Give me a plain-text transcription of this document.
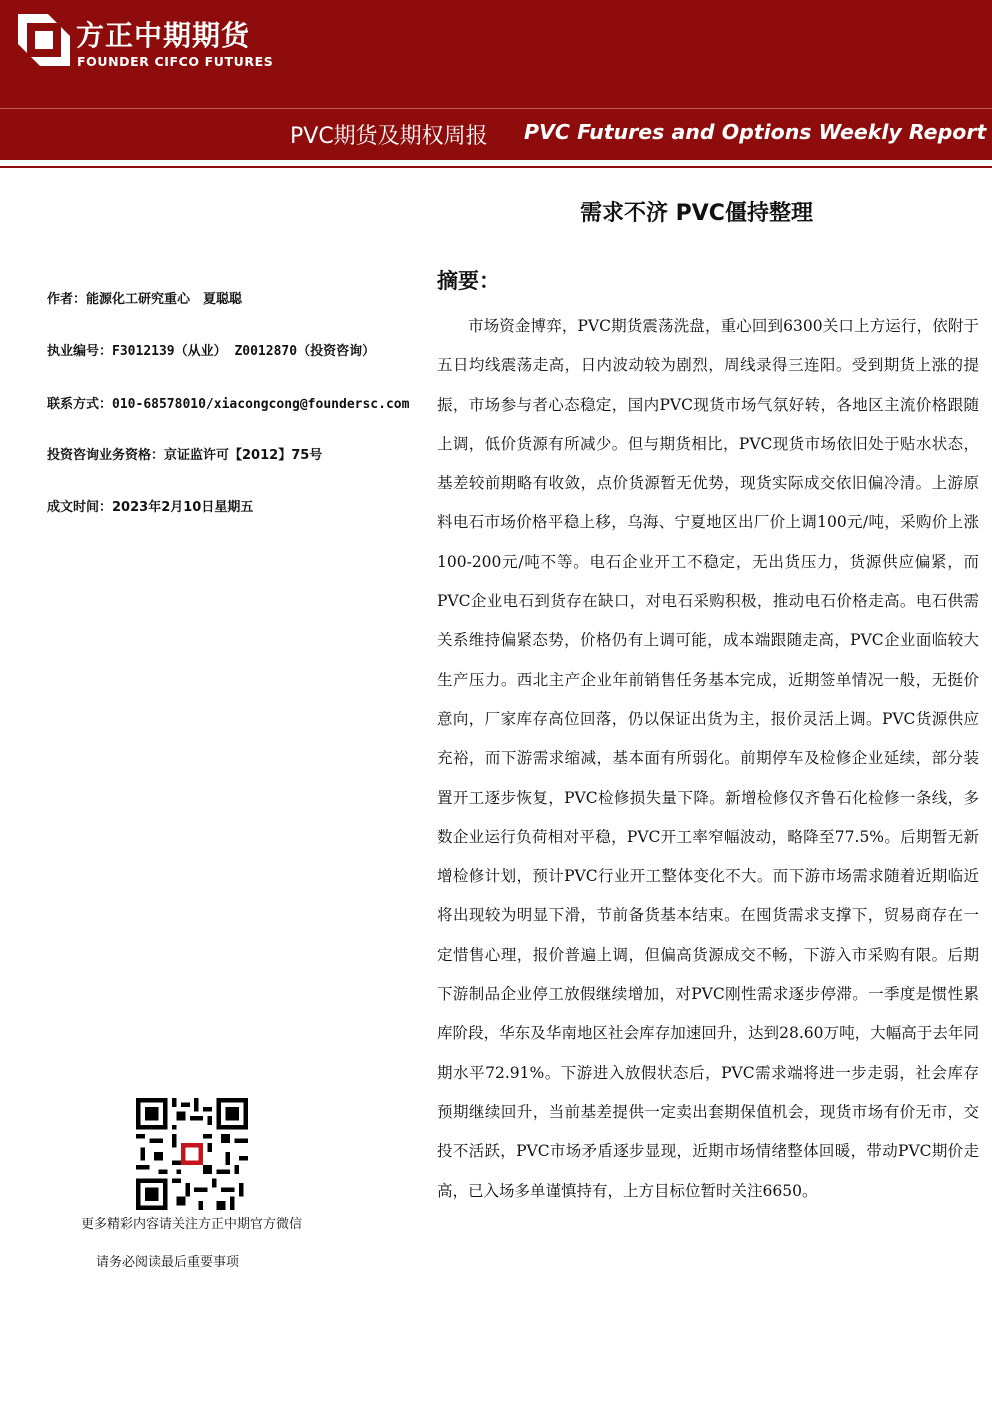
方正中期期货
FOUNDER CIFCO FUTURES
PVC期货及期权周报 PVC Futures and Options Weekly Report
需求不济 PVC僵持整理
作者：能源化工研究重心　夏聪聪
执业编号：F3012139（从业） Z0012870（投资咨询）
联系方式：010-68578010/xiacongcong@foundersc.com
投资咨询业务资格：京证监许可【2012】75号
成文时间：2023年2月10日星期五
摘要：

市场资金博弈，PVC期货震荡洗盘，重心回到6300关口上方运行，依附于五日均线震荡走高，日内波动较为剧烈，周线录得三连阳。受到期货上涨的提振，市场参与者心态稳定，国内PVC现货市场气氛好转，各地区主流价格跟随上调，低价货源有所减少。但与期货相比，PVC现货市场依旧处于贴水状态，基差较前期略有收敛，点价货源暂无优势，现货实际成交依旧偏冷清。上游原料电石市场价格平稳上移，乌海、宁夏地区出厂价上调100元/吨，采购价上涨100-200元/吨不等。电石企业开工不稳定，无出货压力，货源供应偏紧，而PVC企业电石到货存在缺口，对电石采购积极，推动电石价格走高。电石供需关系维持偏紧态势，价格仍有上调可能，成本端跟随走高，PVC企业面临较大生产压力。西北主产企业年前销售任务基本完成，近期签单情况一般，无挺价意向，厂家库存高位回落，仍以保证出货为主，报价灵活上调。PVC货源供应充裕，而下游需求缩减，基本面有所弱化。前期停车及检修企业延续，部分装置开工逐步恢复，PVC检修损失量下降。新增检修仅齐鲁石化检修一条线，多数企业运行负荷相对平稳，PVC开工率窄幅波动，略降至77.5%。后期暂无新增检修计划，预计PVC行业开工整体变化不大。而下游市场需求随着近期临近将出现较为明显下滑，节前备货基本结束。在囤货需求支撑下，贸易商存在一定惜售心理，报价普遍上调，但偏高货源成交不畅，下游入市采购有限。后期下游制品企业停工放假继续增加，对PVC刚性需求逐步停滞。一季度是惯性累库阶段，华东及华南地区社会库存加速回升，达到28.60万吨，大幅高于去年同期水平72.91%。下游进入放假状态后，PVC需求端将进一步走弱，社会库存预期继续回升，当前基差提供一定卖出套期保值机会，现货市场有价无市，交投不活跃，PVC市场矛盾逐步显现，近期市场情绪整体回暖，带动PVC期价走高，已入场多单谨慎持有，上方目标位暂时关注6650。

更多精彩内容请关注方正中期官方微信
请务必阅读最后重要事项
